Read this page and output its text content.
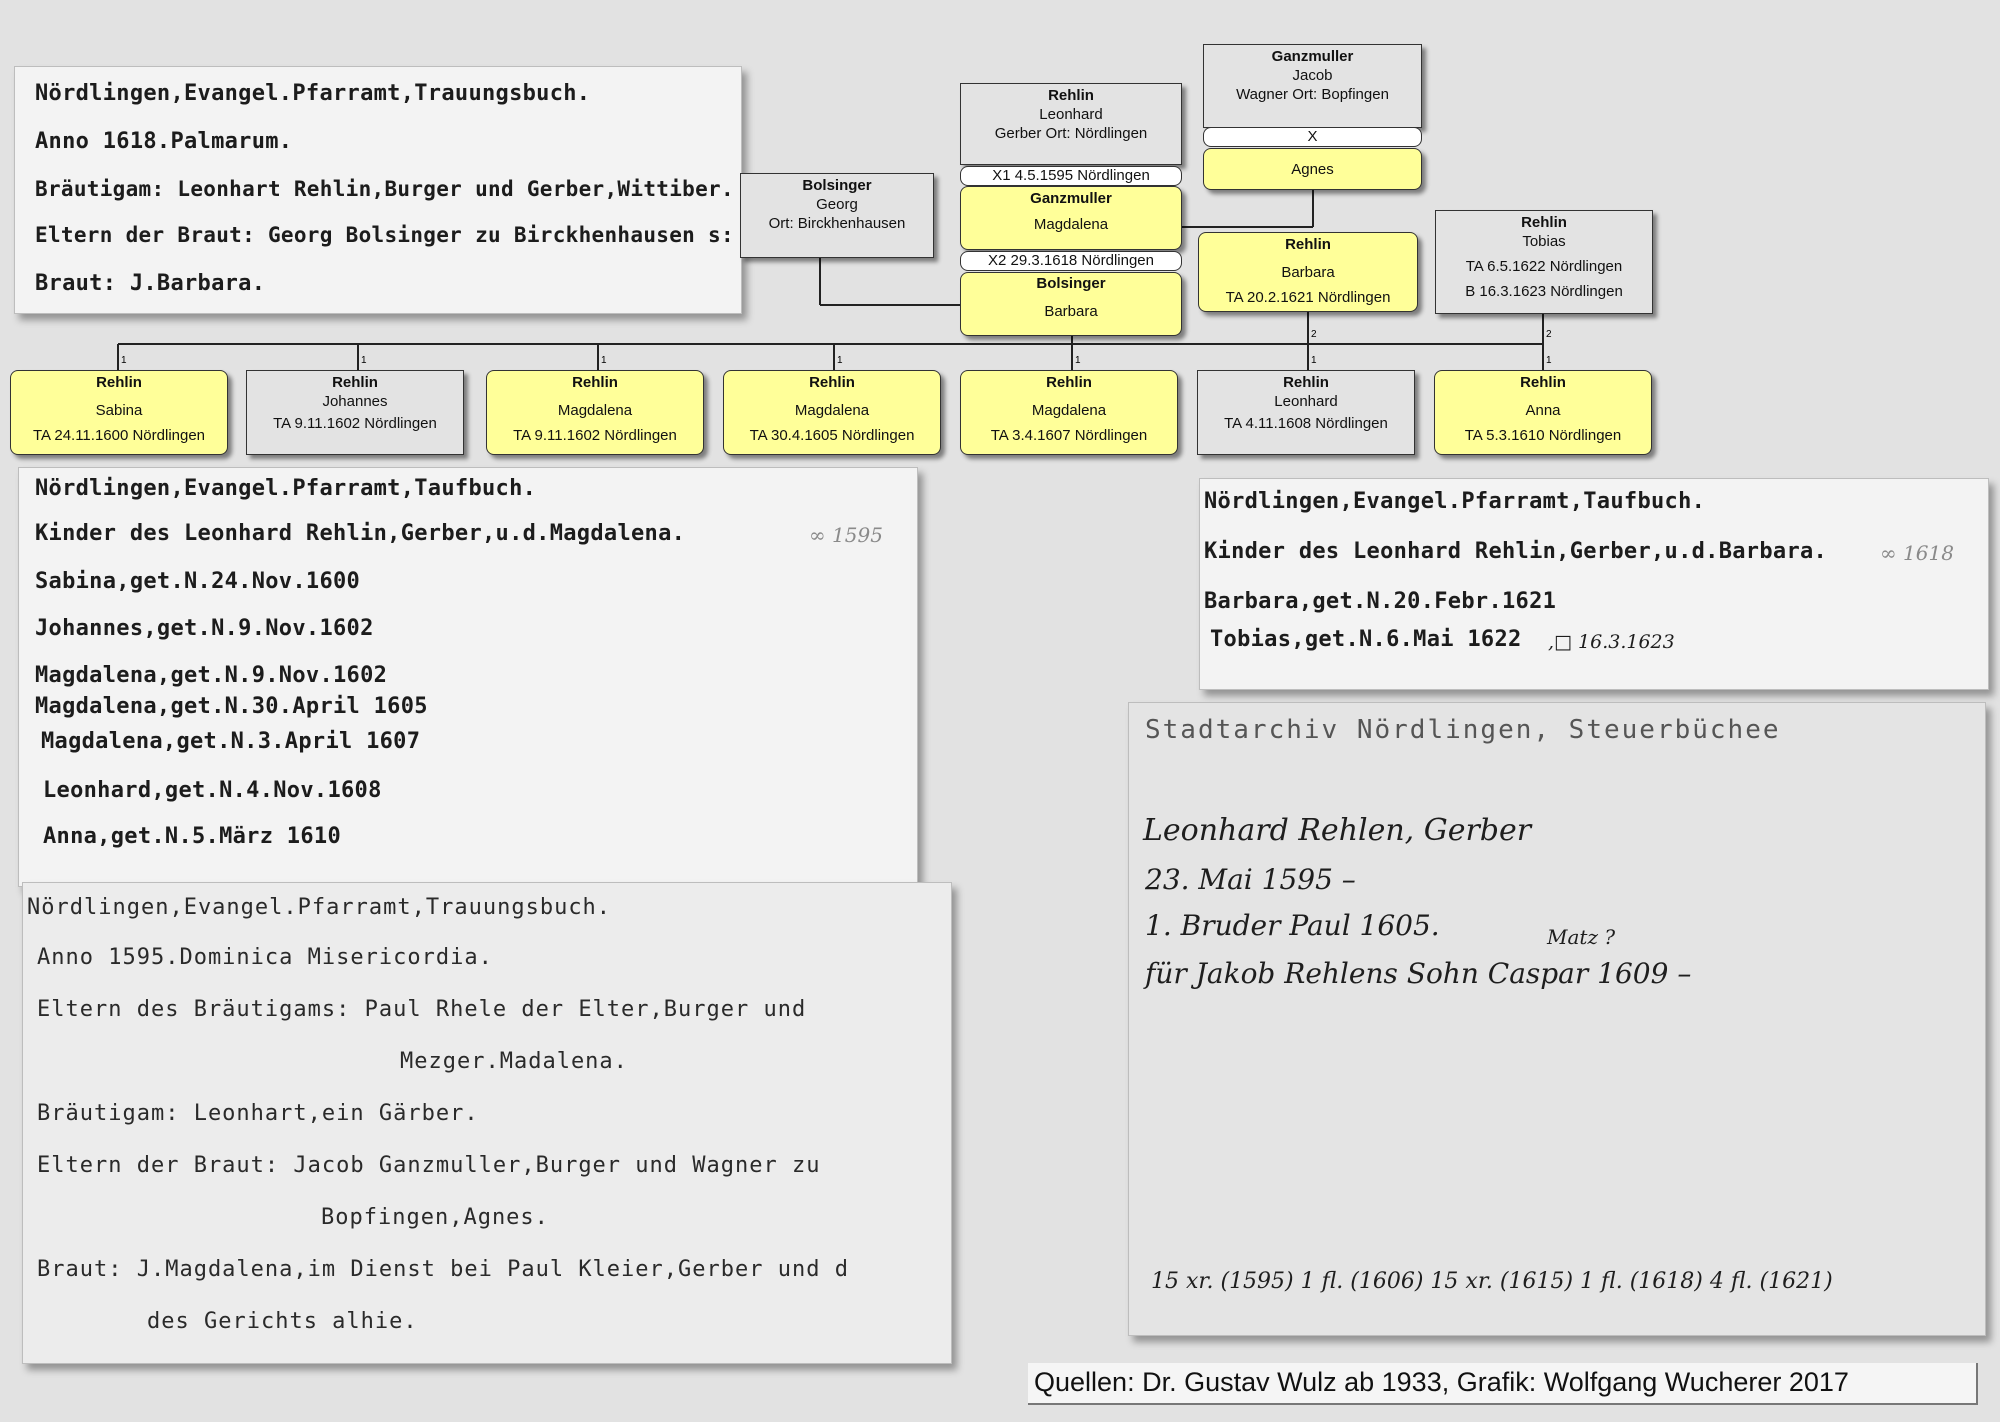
Nördlingen,Evangel.Pfarramt,Trauungsbuch.
Anno 1618.Palmarum.
Bräutigam: Leonhart Rehlin,Burger und Gerber,Wittiber.
Eltern der Braut: Georg Bolsinger zu Birckhenhausen s:
Braut: J.Barbara.
Nördlingen,Evangel.Pfarramt,Taufbuch.
Kinder des Leonhard Rehlin,Gerber,u.d.Magdalena.	∞ 1595
Sabina,get.N.24.Nov.1600
Johannes,get.N.9.Nov.1602
Magdalena,get.N.9.Nov.1602
Magdalena,get.N.30.April 1605
Magdalena,get.N.3.April 1607
Leonhard,get.N.4.Nov.1608
Anna,get.N.5.März 1610
Nördlingen,Evangel.Pfarramt,Taufbuch.
Kinder des Leonhard Rehlin,Gerber,u.d.Barbara.	∞ 1618
Barbara,get.N.20.Febr.1621
Tobias,get.N.6.Mai 1622 ,□ 16.3.1623
Nördlingen,Evangel.Pfarramt,Trauungsbuch.
Anno 1595.Dominica Misericordia.
Eltern des Bräutigams: Paul Rhele der Elter,Burger und
Mezger.Madalena.
Bräutigam: Leonhart,ein Gärber.
Eltern der Braut: Jacob Ganzmuller,Burger und Wagner zu
Bopfingen,Agnes.
Braut: J.Magdalena,im Dienst bei Paul Kleier,Gerber und d
des Gerichts alhie.
Stadtarchiv Nördlingen, Steuerbüchee
Leonhard Rehlen, Gerber
23. Mai 1595 –
1. Bruder Paul 1605.
für Jakob Rehlens Sohn Caspar 1609 –
Matz ?
15 xr. (1595) 1 fl. (1606) 15 xr. (1615) 1 fl. (1618) 4 fl. (1621)
1	1	1	1	1	1	1
2	2
Ganzmuller
Jacob
Wagner Ort: Bopfingen
X
Agnes
Rehlin
Leonhard
Gerber Ort: Nördlingen
X1 4.5.1595 Nördlingen
Ganzmuller
Magdalena
X2 29.3.1618 Nördlingen
Bolsinger
Barbara
Bolsinger
Georg
Ort: Birckhenhausen
Rehlin
Barbara
TA 20.2.1621 Nördlingen
Rehlin
Tobias
TA 6.5.1622 Nördlingen
B 16.3.1623 Nördlingen
Rehlin
Sabina
TA 24.11.1600 Nördlingen
Rehlin
Johannes
TA 9.11.1602 Nördlingen
Rehlin
Magdalena
TA 9.11.1602 Nördlingen
Rehlin
Magdalena
TA 30.4.1605 Nördlingen
Rehlin
Magdalena
TA 3.4.1607 Nördlingen
Rehlin
Leonhard
TA 4.11.1608 Nördlingen
Rehlin
Anna
TA 5.3.1610 Nördlingen
Quellen: Dr. Gustav Wulz ab 1933, Grafik: Wolfgang Wucherer 2017
